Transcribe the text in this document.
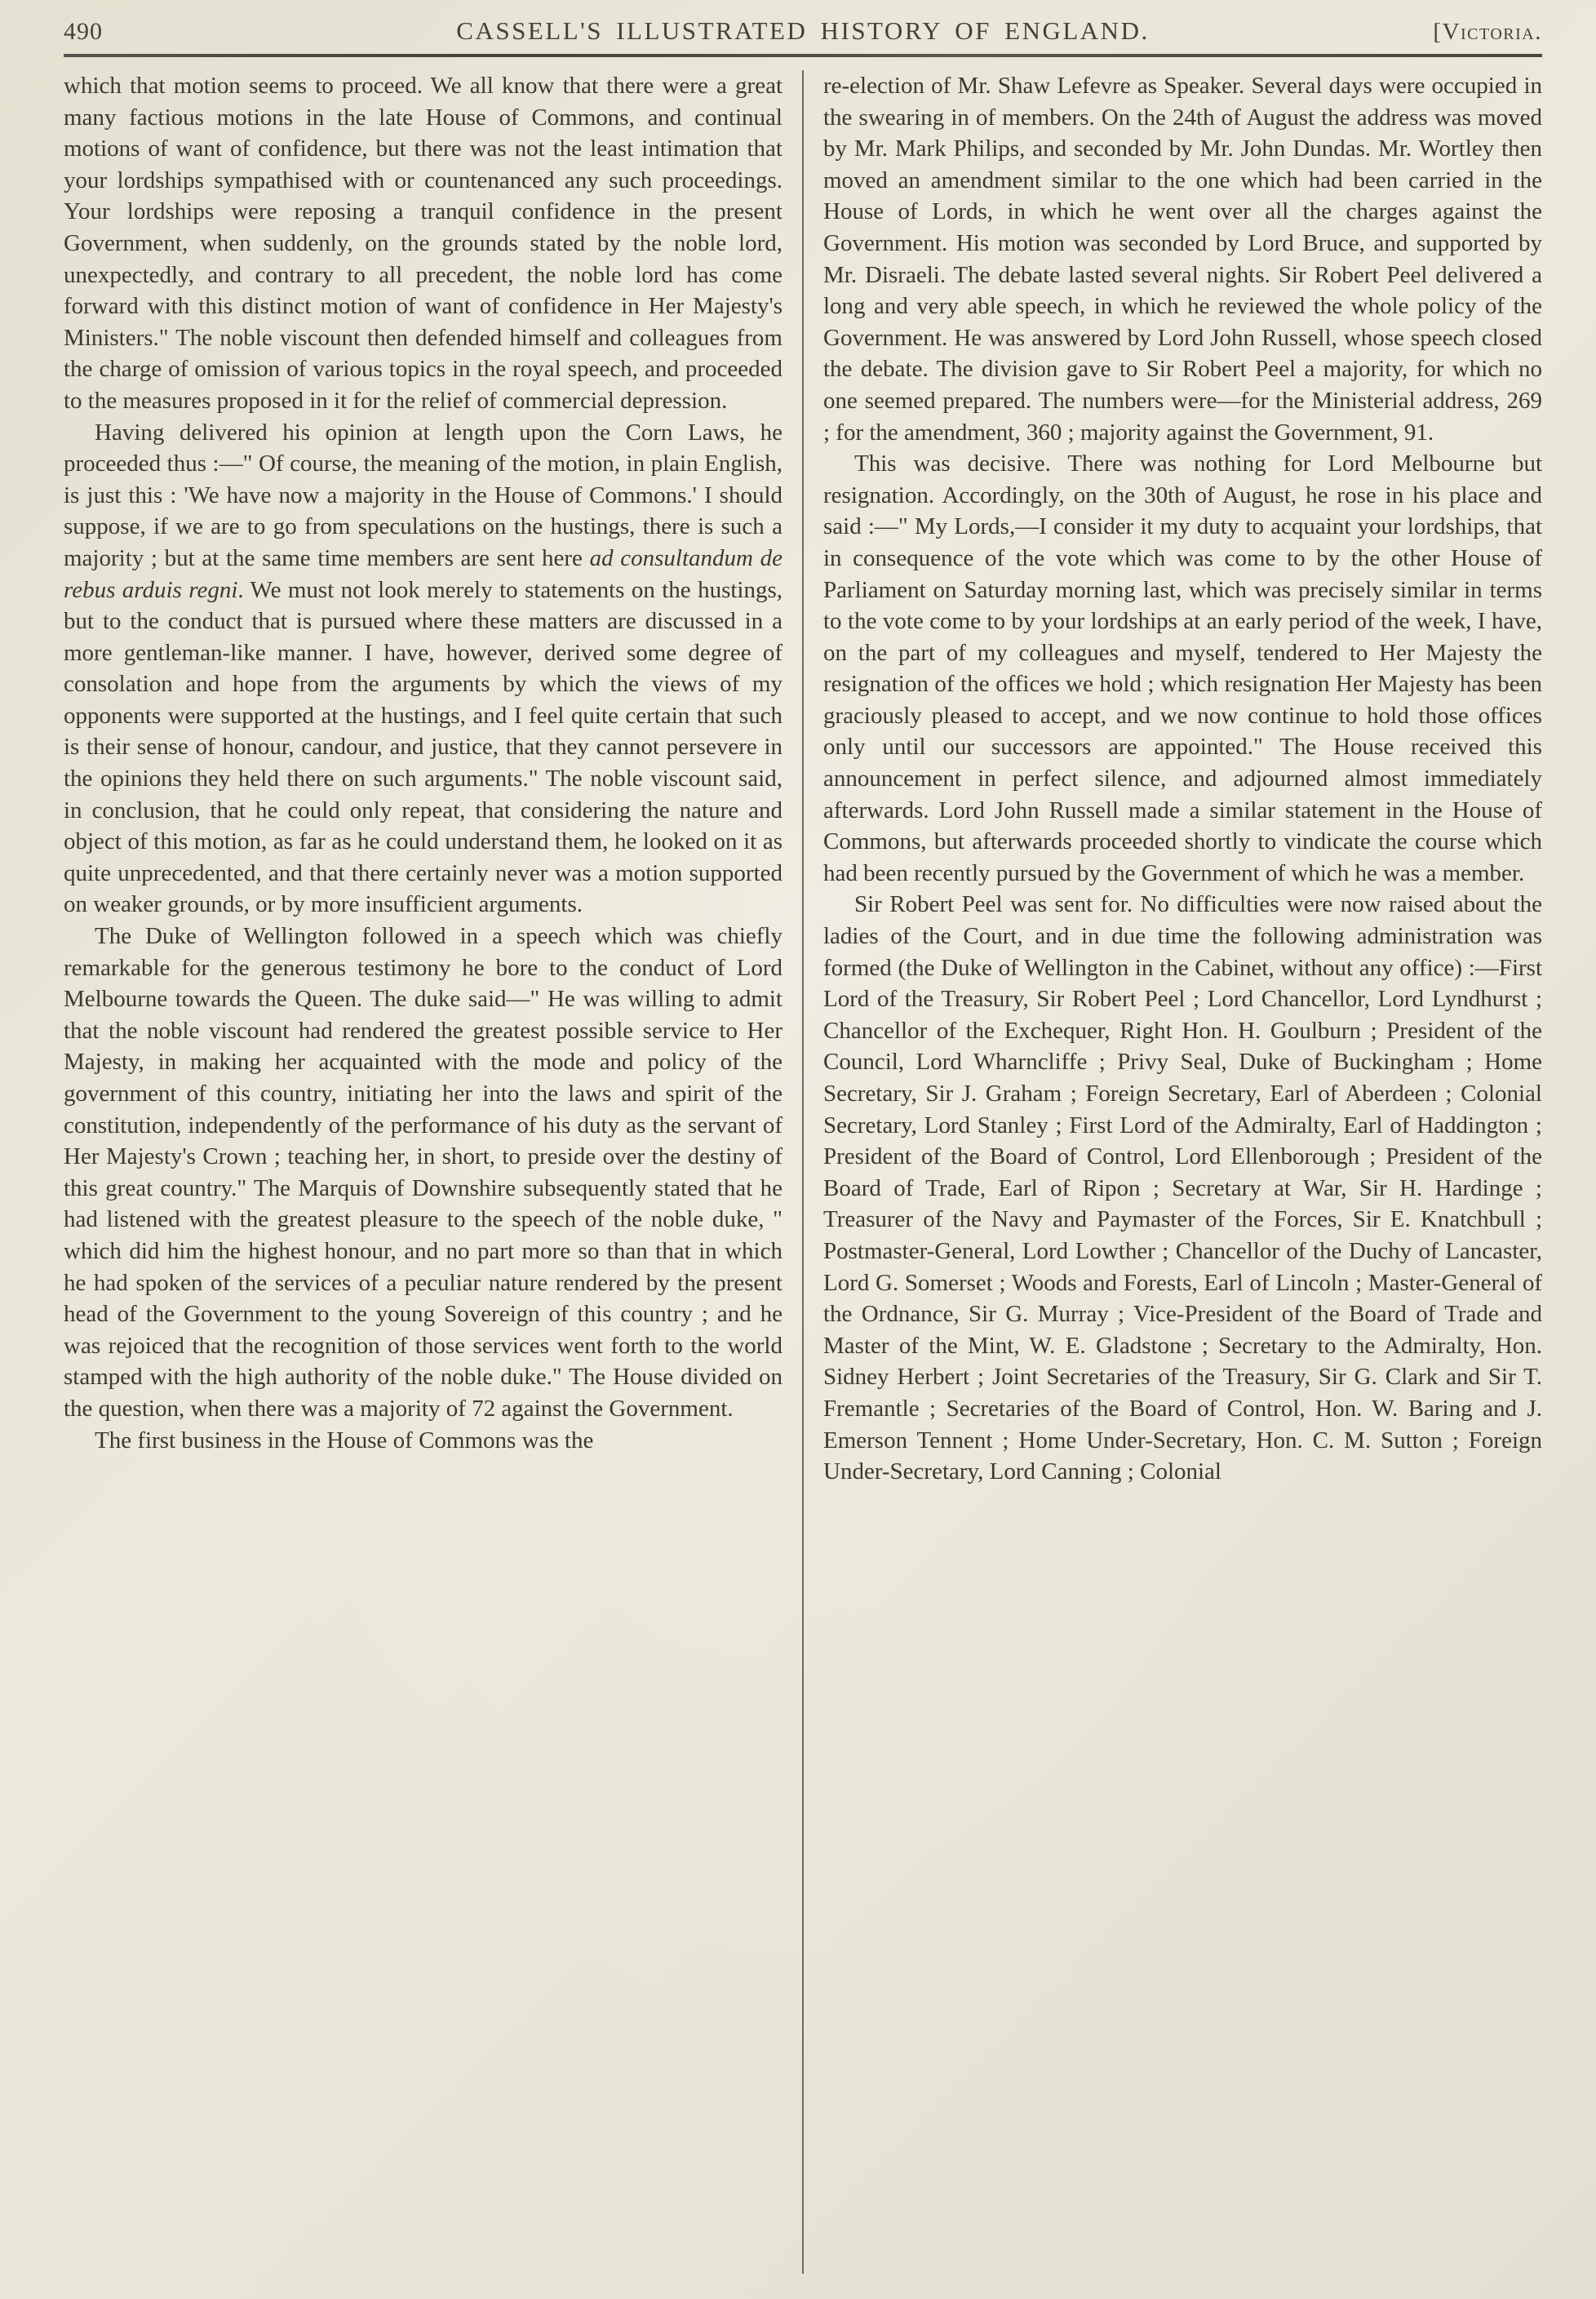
490	CASSELL'S ILLUSTRATED HISTORY OF ENGLAND.	[Victoria.

which that motion seems to proceed. We all know that there were a great many factious motions in the late House of Commons, and continual motions of want of confidence, but there was not the least intimation that your lordships sympathised with or countenanced any such proceedings. Your lordships were reposing a tranquil confidence in the present Government, when suddenly, on the grounds stated by the noble lord, unexpectedly, and contrary to all precedent, the noble lord has come forward with this distinct motion of want of confidence in Her Majesty's Ministers." The noble viscount then defended himself and colleagues from the charge of omission of various topics in the royal speech, and proceeded to the measures proposed in it for the relief of commercial depression.

Having delivered his opinion at length upon the Corn Laws, he proceeded thus :—" Of course, the meaning of the motion, in plain English, is just this : 'We have now a majority in the House of Commons.' I should suppose, if we are to go from speculations on the hustings, there is such a majority ; but at the same time members are sent here ad consultandum de rebus arduis regni. We must not look merely to statements on the hustings, but to the conduct that is pursued where these matters are discussed in a more gentleman-like manner. I have, however, derived some degree of consolation and hope from the arguments by which the views of my opponents were supported at the hustings, and I feel quite certain that such is their sense of honour, candour, and justice, that they cannot persevere in the opinions they held there on such arguments." The noble viscount said, in conclusion, that he could only repeat, that considering the nature and object of this motion, as far as he could understand them, he looked on it as quite unprecedented, and that there certainly never was a motion supported on weaker grounds, or by more insufficient arguments.

The Duke of Wellington followed in a speech which was chiefly remarkable for the generous testimony he bore to the conduct of Lord Melbourne towards the Queen. The duke said—" He was willing to admit that the noble viscount had rendered the greatest possible service to Her Majesty, in making her acquainted with the mode and policy of the government of this country, initiating her into the laws and spirit of the constitution, independently of the performance of his duty as the servant of Her Majesty's Crown ; teaching her, in short, to preside over the destiny of this great country." The Marquis of Downshire subsequently stated that he had listened with the greatest pleasure to the speech of the noble duke, " which did him the highest honour, and no part more so than that in which he had spoken of the services of a peculiar nature rendered by the present head of the Government to the young Sovereign of this country ; and he was rejoiced that the recognition of those services went forth to the world stamped with the high authority of the noble duke." The House divided on the question, when there was a majority of 72 against the Government.

The first business in the House of Commons was the

re-election of Mr. Shaw Lefevre as Speaker. Several days were occupied in the swearing in of members. On the 24th of August the address was moved by Mr. Mark Philips, and seconded by Mr. John Dundas. Mr. Wortley then moved an amendment similar to the one which had been carried in the House of Lords, in which he went over all the charges against the Government. His motion was seconded by Lord Bruce, and supported by Mr. Disraeli. The debate lasted several nights. Sir Robert Peel delivered a long and very able speech, in which he reviewed the whole policy of the Government. He was answered by Lord John Russell, whose speech closed the debate. The division gave to Sir Robert Peel a majority, for which no one seemed prepared. The numbers were—for the Ministerial address, 269 ; for the amendment, 360 ; majority against the Government, 91.

This was decisive. There was nothing for Lord Melbourne but resignation. Accordingly, on the 30th of August, he rose in his place and said :—" My Lords,—I consider it my duty to acquaint your lordships, that in consequence of the vote which was come to by the other House of Parliament on Saturday morning last, which was precisely similar in terms to the vote come to by your lordships at an early period of the week, I have, on the part of my colleagues and myself, tendered to Her Majesty the resignation of the offices we hold ; which resignation Her Majesty has been graciously pleased to accept, and we now continue to hold those offices only until our successors are appointed." The House received this announcement in perfect silence, and adjourned almost immediately afterwards. Lord John Russell made a similar statement in the House of Commons, but afterwards proceeded shortly to vindicate the course which had been recently pursued by the Government of which he was a member.

Sir Robert Peel was sent for. No difficulties were now raised about the ladies of the Court, and in due time the following administration was formed (the Duke of Wellington in the Cabinet, without any office) :—First Lord of the Treasury, Sir Robert Peel ; Lord Chancellor, Lord Lyndhurst ; Chancellor of the Exchequer, Right Hon. H. Goulburn ; President of the Council, Lord Wharncliffe ; Privy Seal, Duke of Buckingham ; Home Secretary, Sir J. Graham ; Foreign Secretary, Earl of Aberdeen ; Colonial Secretary, Lord Stanley ; First Lord of the Admiralty, Earl of Haddington ; President of the Board of Control, Lord Ellenborough ; President of the Board of Trade, Earl of Ripon ; Secretary at War, Sir H. Hardinge ; Treasurer of the Navy and Paymaster of the Forces, Sir E. Knatchbull ; Postmaster-General, Lord Lowther ; Chancellor of the Duchy of Lancaster, Lord G. Somerset ; Woods and Forests, Earl of Lincoln ; Master-General of the Ordnance, Sir G. Murray ; Vice-President of the Board of Trade and Master of the Mint, W. E. Gladstone ; Secretary to the Admiralty, Hon. Sidney Herbert ; Joint Secretaries of the Treasury, Sir G. Clark and Sir T. Fremantle ; Secretaries of the Board of Control, Hon. W. Baring and J. Emerson Tennent ; Home Under-Secretary, Hon. C. M. Sutton ; Foreign Under-Secretary, Lord Canning ; Colonial
